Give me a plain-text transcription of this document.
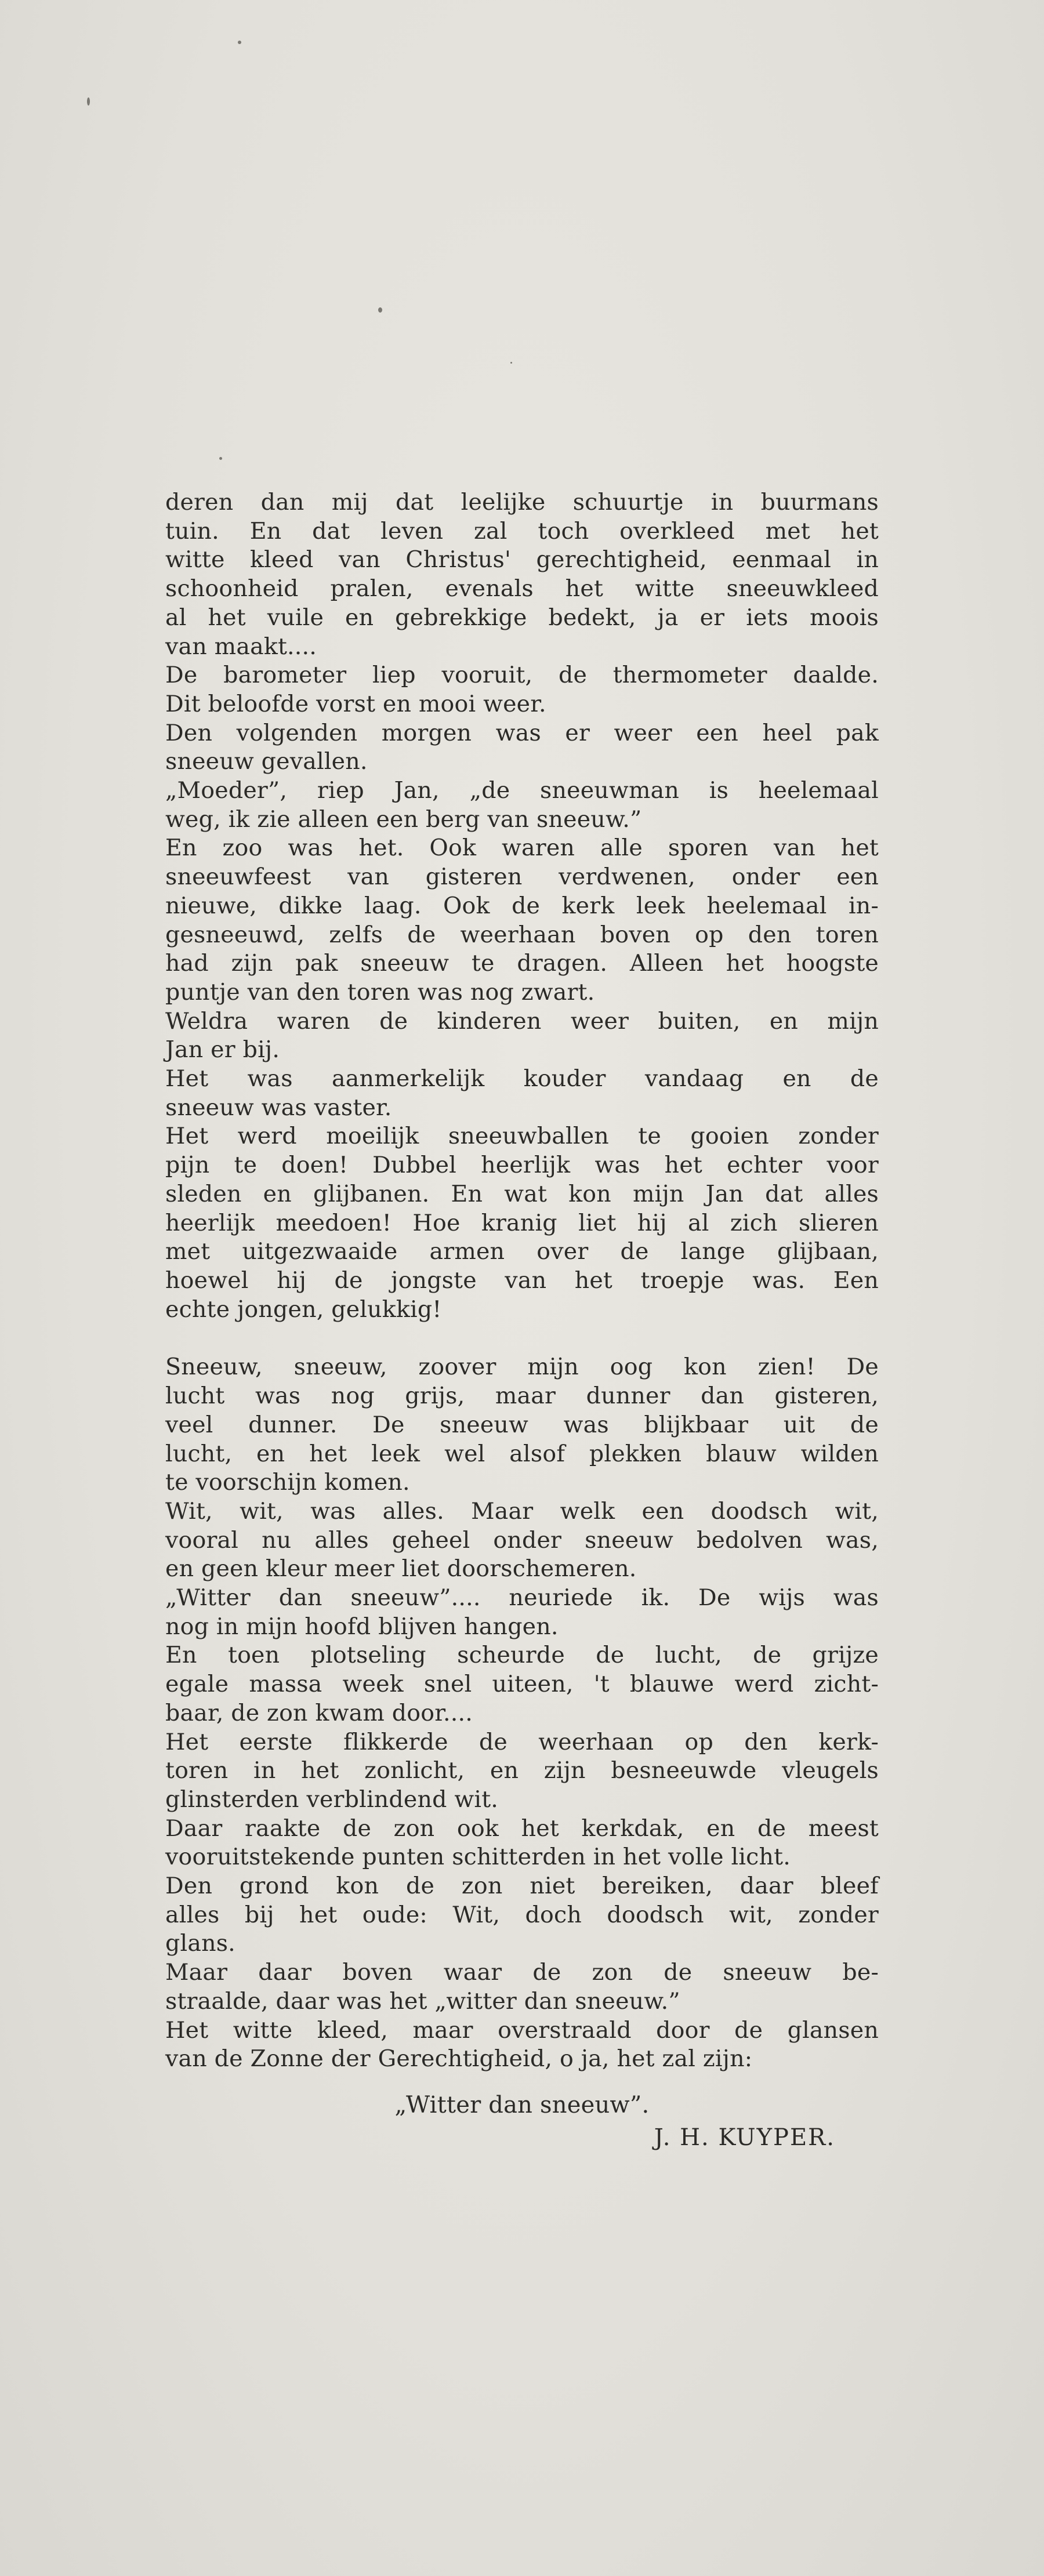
deren dan mij dat leelijke schuurtje in buurmans
tuin. En dat leven zal toch overkleed met het
witte kleed van Christus' gerechtigheid, eenmaal in
schoonheid pralen, evenals het witte sneeuwkleed
al het vuile en gebrekkige bedekt, ja er iets moois
van maakt....
De barometer liep vooruit, de thermometer daalde.
Dit beloofde vorst en mooi weer.
Den volgenden morgen was er weer een heel pak
sneeuw gevallen.
„Moeder”, riep Jan, „de sneeuwman is heelemaal
weg, ik zie alleen een berg van sneeuw.”
En zoo was het. Ook waren alle sporen van het
sneeuwfeest van gisteren verdwenen, onder een
nieuwe, dikke laag. Ook de kerk leek heelemaal in-
gesneeuwd, zelfs de weerhaan boven op den toren
had zijn pak sneeuw te dragen. Alleen het hoogste
puntje van den toren was nog zwart.
Weldra waren de kinderen weer buiten, en mijn
Jan er bij.
Het was aanmerkelijk kouder vandaag en de
sneeuw was vaster.
Het werd moeilijk sneeuwballen te gooien zonder
pijn te doen! Dubbel heerlijk was het echter voor
sleden en glijbanen. En wat kon mijn Jan dat alles
heerlijk meedoen! Hoe kranig liet hij al zich slieren
met uitgezwaaide armen over de lange glijbaan,
hoewel hij de jongste van het troepje was. Een
echte jongen, gelukkig!
Sneeuw, sneeuw, zoover mijn oog kon zien! De
lucht was nog grijs, maar dunner dan gisteren,
veel dunner. De sneeuw was blijkbaar uit de
lucht, en het leek wel alsof plekken blauw wilden
te voorschijn komen.
Wit, wit, was alles. Maar welk een doodsch wit,
vooral nu alles geheel onder sneeuw bedolven was,
en geen kleur meer liet doorschemeren.
„Witter dan sneeuw”.... neuriede ik. De wijs was
nog in mijn hoofd blijven hangen.
En toen plotseling scheurde de lucht, de grijze
egale massa week snel uiteen, 't blauwe werd zicht-
baar, de zon kwam door....
Het eerste flikkerde de weerhaan op den kerk-
toren in het zonlicht, en zijn besneeuwde vleugels
glinsterden verblindend wit.
Daar raakte de zon ook het kerkdak, en de meest
vooruitstekende punten schitterden in het volle licht.
Den grond kon de zon niet bereiken, daar bleef
alles bij het oude: Wit, doch doodsch wit, zonder
glans.
Maar daar boven waar de zon de sneeuw be-
straalde, daar was het „witter dan sneeuw.”
Het witte kleed, maar overstraald door de glansen
van de Zonne der Gerechtigheid, o ja, het zal zijn:
„Witter dan sneeuw”.
J. H. KUYPER.
